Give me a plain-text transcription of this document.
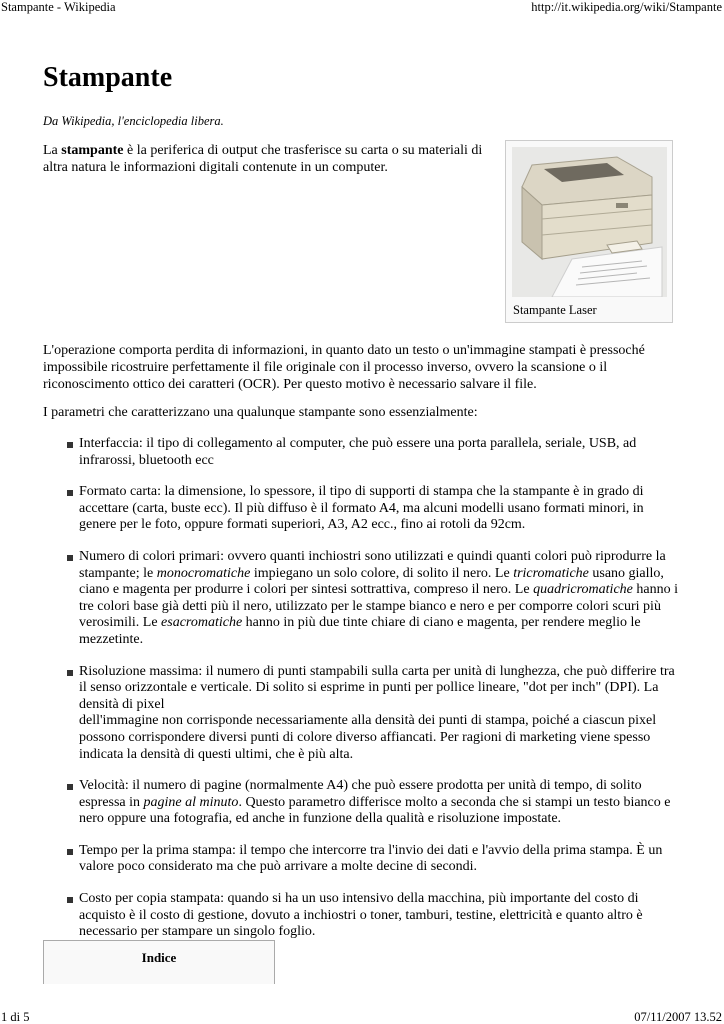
Stampante - Wikipedia	http://it.wikipedia.org/wiki/Stampante
Stampante

Da Wikipedia, l'enciclopedia libera.

La stampante è la periferica di output che trasferisce su carta o su materiali di altra natura le informazioni digitali contenute in un computer.

Stampante Laser

L'operazione comporta perdita di informazioni, in quanto dato un testo o un'immagine stampati è pressoché impossibile ricostruire perfettamente il file originale con il processo inverso, ovvero la scansione o il riconoscimento ottico dei caratteri (OCR). Per questo motivo è necessario salvare il file.

I parametri che caratterizzano una qualunque stampante sono essenzialmente:

Interfaccia: il tipo di collegamento al computer, che può essere una porta parallela, seriale, USB, ad infrarossi, bluetooth ecc
Formato carta: la dimensione, lo spessore, il tipo di supporti di stampa che la stampante è in grado di accettare (carta, buste ecc). Il più diffuso è il formato A4, ma alcuni modelli usano formati minori, in genere per le foto, oppure formati superiori, A3, A2 ecc., fino ai rotoli da 92cm.
Numero di colori primari: ovvero quanti inchiostri sono utilizzati e quindi quanti colori può riprodurre la stampante; le monocromatiche impiegano un solo colore, di solito il nero. Le tricromatiche usano giallo, ciano e magenta per produrre i colori per sintesi sottrattiva, compreso il nero. Le quadricromatiche hanno i tre colori base già detti più il nero, utilizzato per le stampe bianco e nero e per comporre colori scuri più verosimili. Le esacromatiche hanno in più due tinte chiare di ciano e magenta, per rendere meglio le mezzetinte.
Risoluzione massima: il numero di punti stampabili sulla carta per unità di lunghezza, che può differire tra il senso orizzontale e verticale. Di solito si esprime in punti per pollice lineare, "dot per inch" (DPI). La densità di pixel
dell'immagine non corrisponde necessariamente alla densità dei punti di stampa, poiché a ciascun pixel possono corrispondere diversi punti di colore diverso affiancati. Per ragioni di marketing viene spesso indicata la densità di questi ultimi, che è più alta.
Velocità: il numero di pagine (normalmente A4) che può essere prodotta per unità di tempo, di solito espressa in pagine al minuto. Questo parametro differisce molto a seconda che si stampi un testo bianco e nero oppure una fotografia, ed anche in funzione della qualità e risoluzione impostate.
Tempo per la prima stampa: il tempo che intercorre tra l'invio dei dati e l'avvio della prima stampa. È un valore poco considerato ma che può arrivare a molte decine di secondi.
Costo per copia stampata: quando si ha un uso intensivo della macchina, più importante del costo di acquisto è il costo di gestione, dovuto a inchiostri o toner, tamburi, testine, elettricità e quanto altro è necessario per stampare un singolo foglio.
Indice
1 di 5	07/11/2007 13.52
